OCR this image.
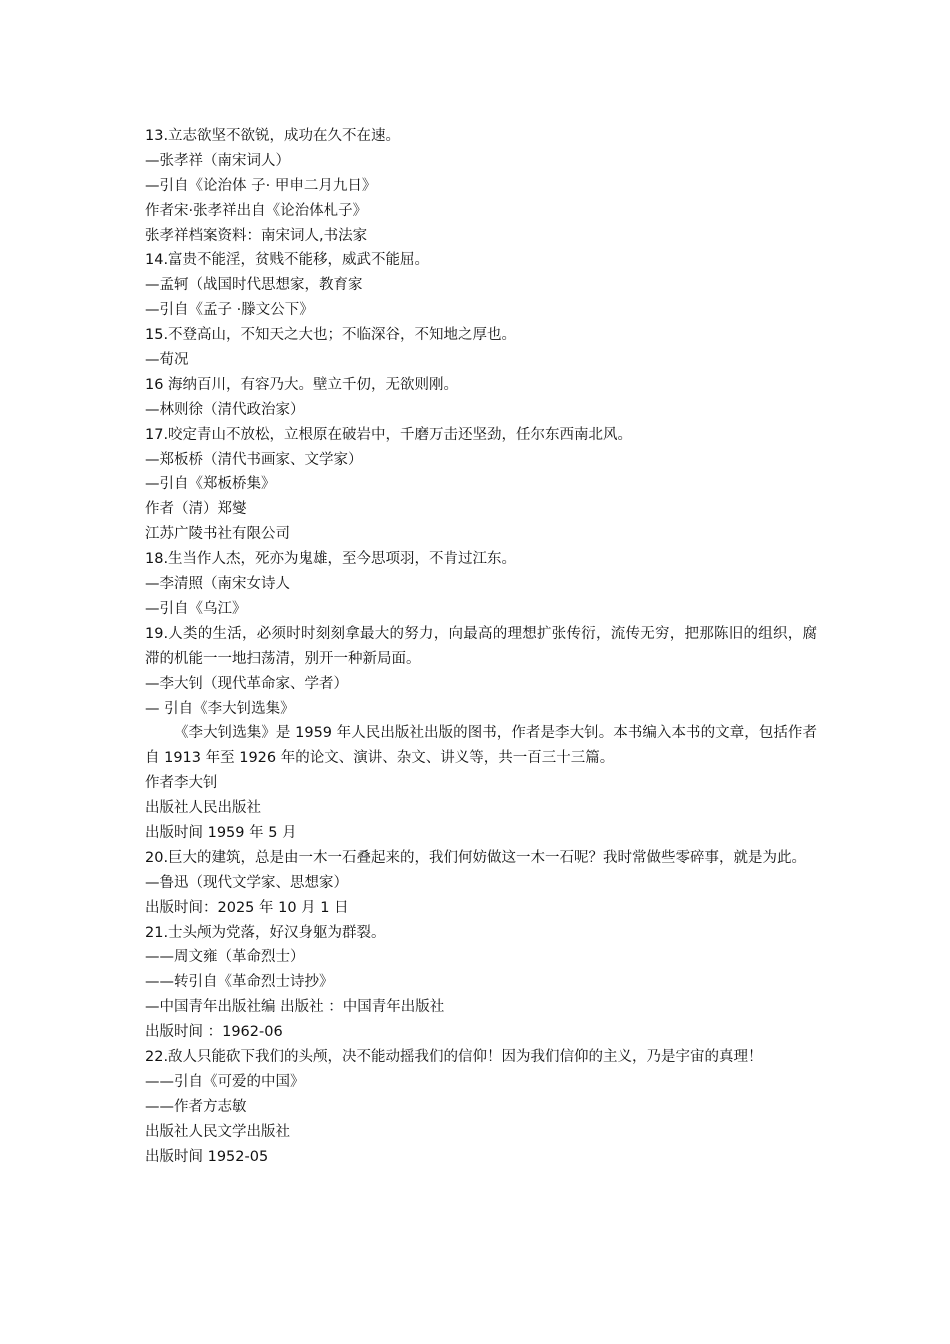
13.立志欲坚不欲锐，成功在久不在速。
—张孝祥（南宋词人）
—引自《论治体 子· 甲申二月九日》
作者宋·张孝祥出自《论治体札子》
张孝祥档案资料：南宋词人,书法家
14.富贵不能淫，贫贱不能移，威武不能屈。
—孟轲（战国时代思想家，教育家
—引自《孟子 ·滕文公下》
15.不登高山，不知天之大也；不临深谷，不知地之厚也。
—荀况
16 海纳百川，有容乃大。壁立千仞，无欲则刚。
—林则徐（清代政治家）
17.咬定青山不放松，立根原在破岩中，千磨万击还坚劲，任尔东西南北风。
—郑板桥（清代书画家、文学家）
—引自《郑板桥集》
作者（清）郑燮
江苏广陵书社有限公司
18.生当作人杰，死亦为鬼雄，至今思项羽，不肯过江东。
—李清照（南宋女诗人
—引自《乌江》
19.人类的生活，必须时时刻刻拿最大的努力，向最高的理想扩张传衍，流传无穷，把那陈旧的组织，腐滞的机能一一地扫荡清，别开一种新局面。
—李大钊（现代革命家、学者）
— 引自《李大钊选集》
《李大钊选集》是 1959 年人民出版社出版的图书，作者是李大钊。本书编入本书的文章，包括作者自 1913 年至 1926 年的论文、演讲、杂文、讲义等，共一百三十三篇。
作者李大钊
出版社人民出版社
出版时间 1959 年 5 月
20.巨大的建筑，总是由一木一石叠起来的，我们何妨做这一木一石呢？我时常做些零碎事，就是为此。
—鲁迅（现代文学家、思想家）
出版时间：2025 年 10 月 1 日
21.士头颅为党落，好汉身躯为群裂。
——周文雍（革命烈士）
——转引自《革命烈士诗抄》
—中国青年出版社编 出版社 ：中国青年出版社
出版时间 ：1962-06
22.敌人只能砍下我们的头颅，决不能动摇我们的信仰！因为我们信仰的主义，乃是宇宙的真理！
——引自《可爱的中国》
——作者方志敏
出版社人民文学出版社
出版时间 1952-05
